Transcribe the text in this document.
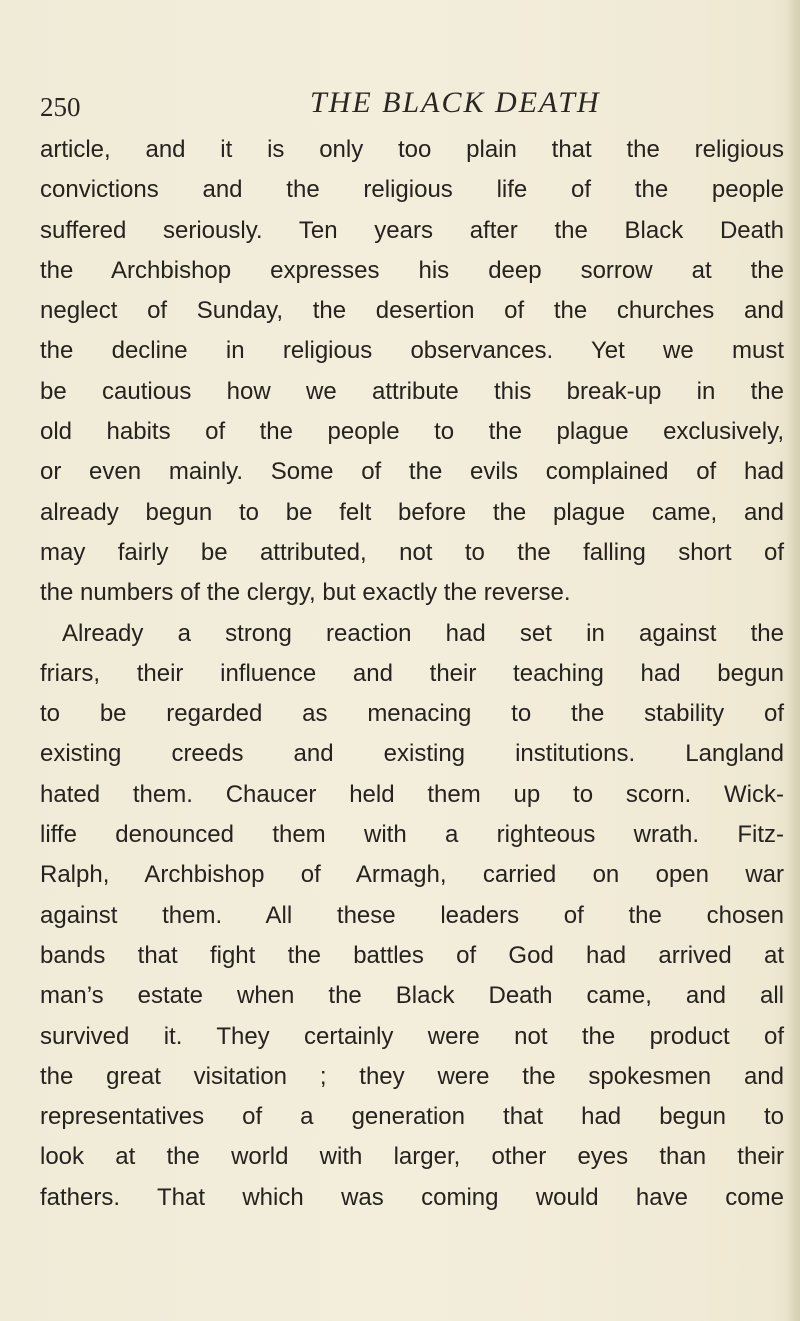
250	THE BLACK DEATH
article, and it is only too plain that the religious
convictions and the religious life of the people
suffered seriously. Ten years after the Black Death
the Archbishop expresses his deep sorrow at the
neglect of Sunday, the desertion of the churches and
the decline in religious observances. Yet we must
be cautious how we attribute this break-up in the
old habits of the people to the plague exclusively,
or even mainly. Some of the evils complained of had
already begun to be felt before the plague came, and
may fairly be attributed, not to the falling short of
the numbers of the clergy, but exactly the reverse.
Already a strong reaction had set in against the
friars, their influence and their teaching had begun
to be regarded as menacing to the stability of
existing creeds and existing institutions. Langland
hated them. Chaucer held them up to scorn. Wick-
liffe denounced them with a righteous wrath. Fitz-
Ralph, Archbishop of Armagh, carried on open war
against them. All these leaders of the chosen
bands that fight the battles of God had arrived at
man’s estate when the Black Death came, and all
survived it. They certainly were not the product of
the great visitation ; they were the spokesmen and
representatives of a generation that had begun to
look at the world with larger, other eyes than their
fathers. That which was coming would have come
